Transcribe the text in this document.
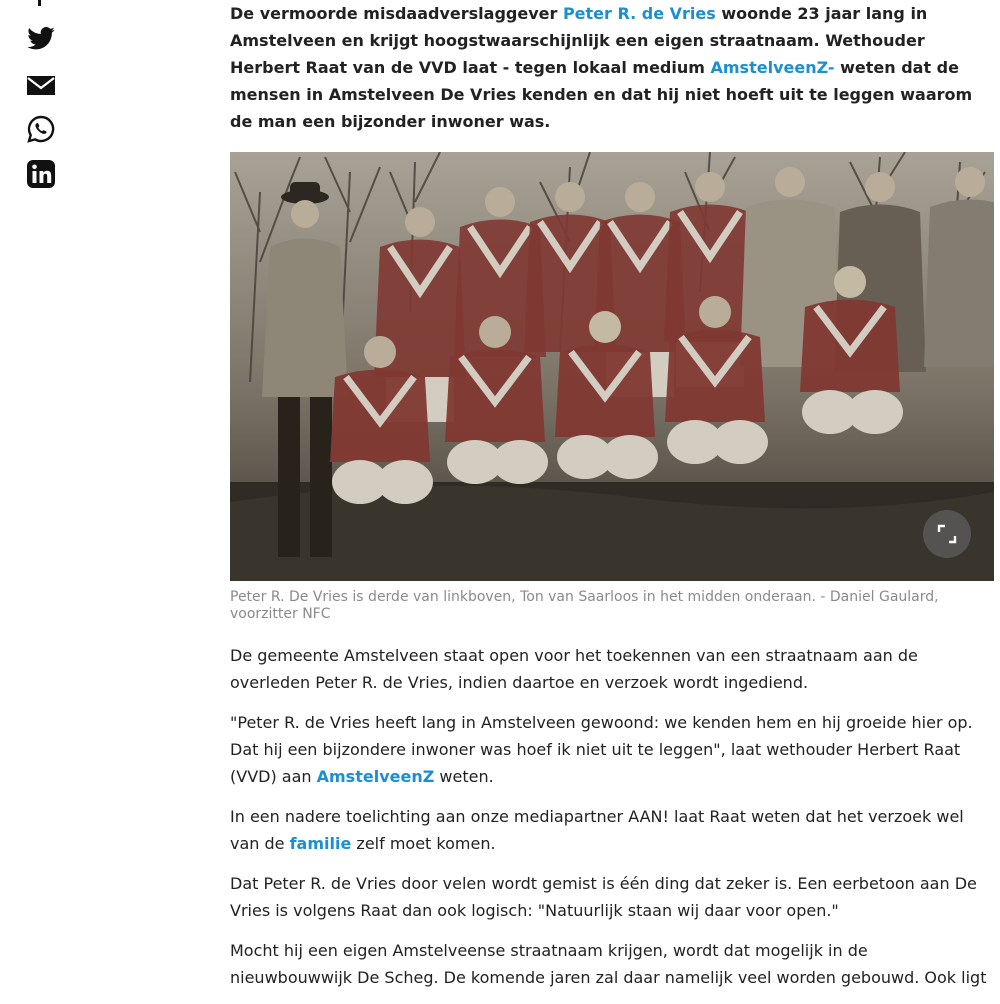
De vermoorde misdaadverslaggever Peter R. de Vries woonde 23 jaar lang in Amstelveen en krijgt hoogstwaarschijnlijk een eigen straatnaam. Wethouder Herbert Raat van de VVD laat - tegen lokaal medium AmstelveenZ- weten dat de mensen in Amstelveen De Vries kenden en dat hij niet hoeft uit te leggen waarom de man een bijzonder inwoner was.

Peter R. De Vries is derde van linkboven, Ton van Saarloos in het midden onderaan. - Daniel Gaulard, voorzitter NFC

De gemeente Amstelveen staat open voor het toekennen van een straatnaam aan de overleden Peter R. de Vries, indien daartoe en verzoek wordt ingediend.

"Peter R. de Vries heeft lang in Amstelveen gewoond: we kenden hem en hij groeide hier op. Dat hij een bijzondere inwoner was hoef ik niet uit te leggen", laat wethouder Herbert Raat (VVD) aan AmstelveenZ weten.

In een nadere toelichting aan onze mediapartner AAN! laat Raat weten dat het verzoek wel van de familie zelf moet komen.

Dat Peter R. de Vries door velen wordt gemist is één ding dat zeker is. Een eerbetoon aan De Vries is volgens Raat dan ook logisch: "Natuurlijk staan wij daar voor open."

Mocht hij een eigen Amstelveense straatnaam krijgen, wordt dat mogelijk in de nieuwbouwwijk De Scheg. De komende jaren zal daar namelijk veel worden gebouwd. Ook ligt
